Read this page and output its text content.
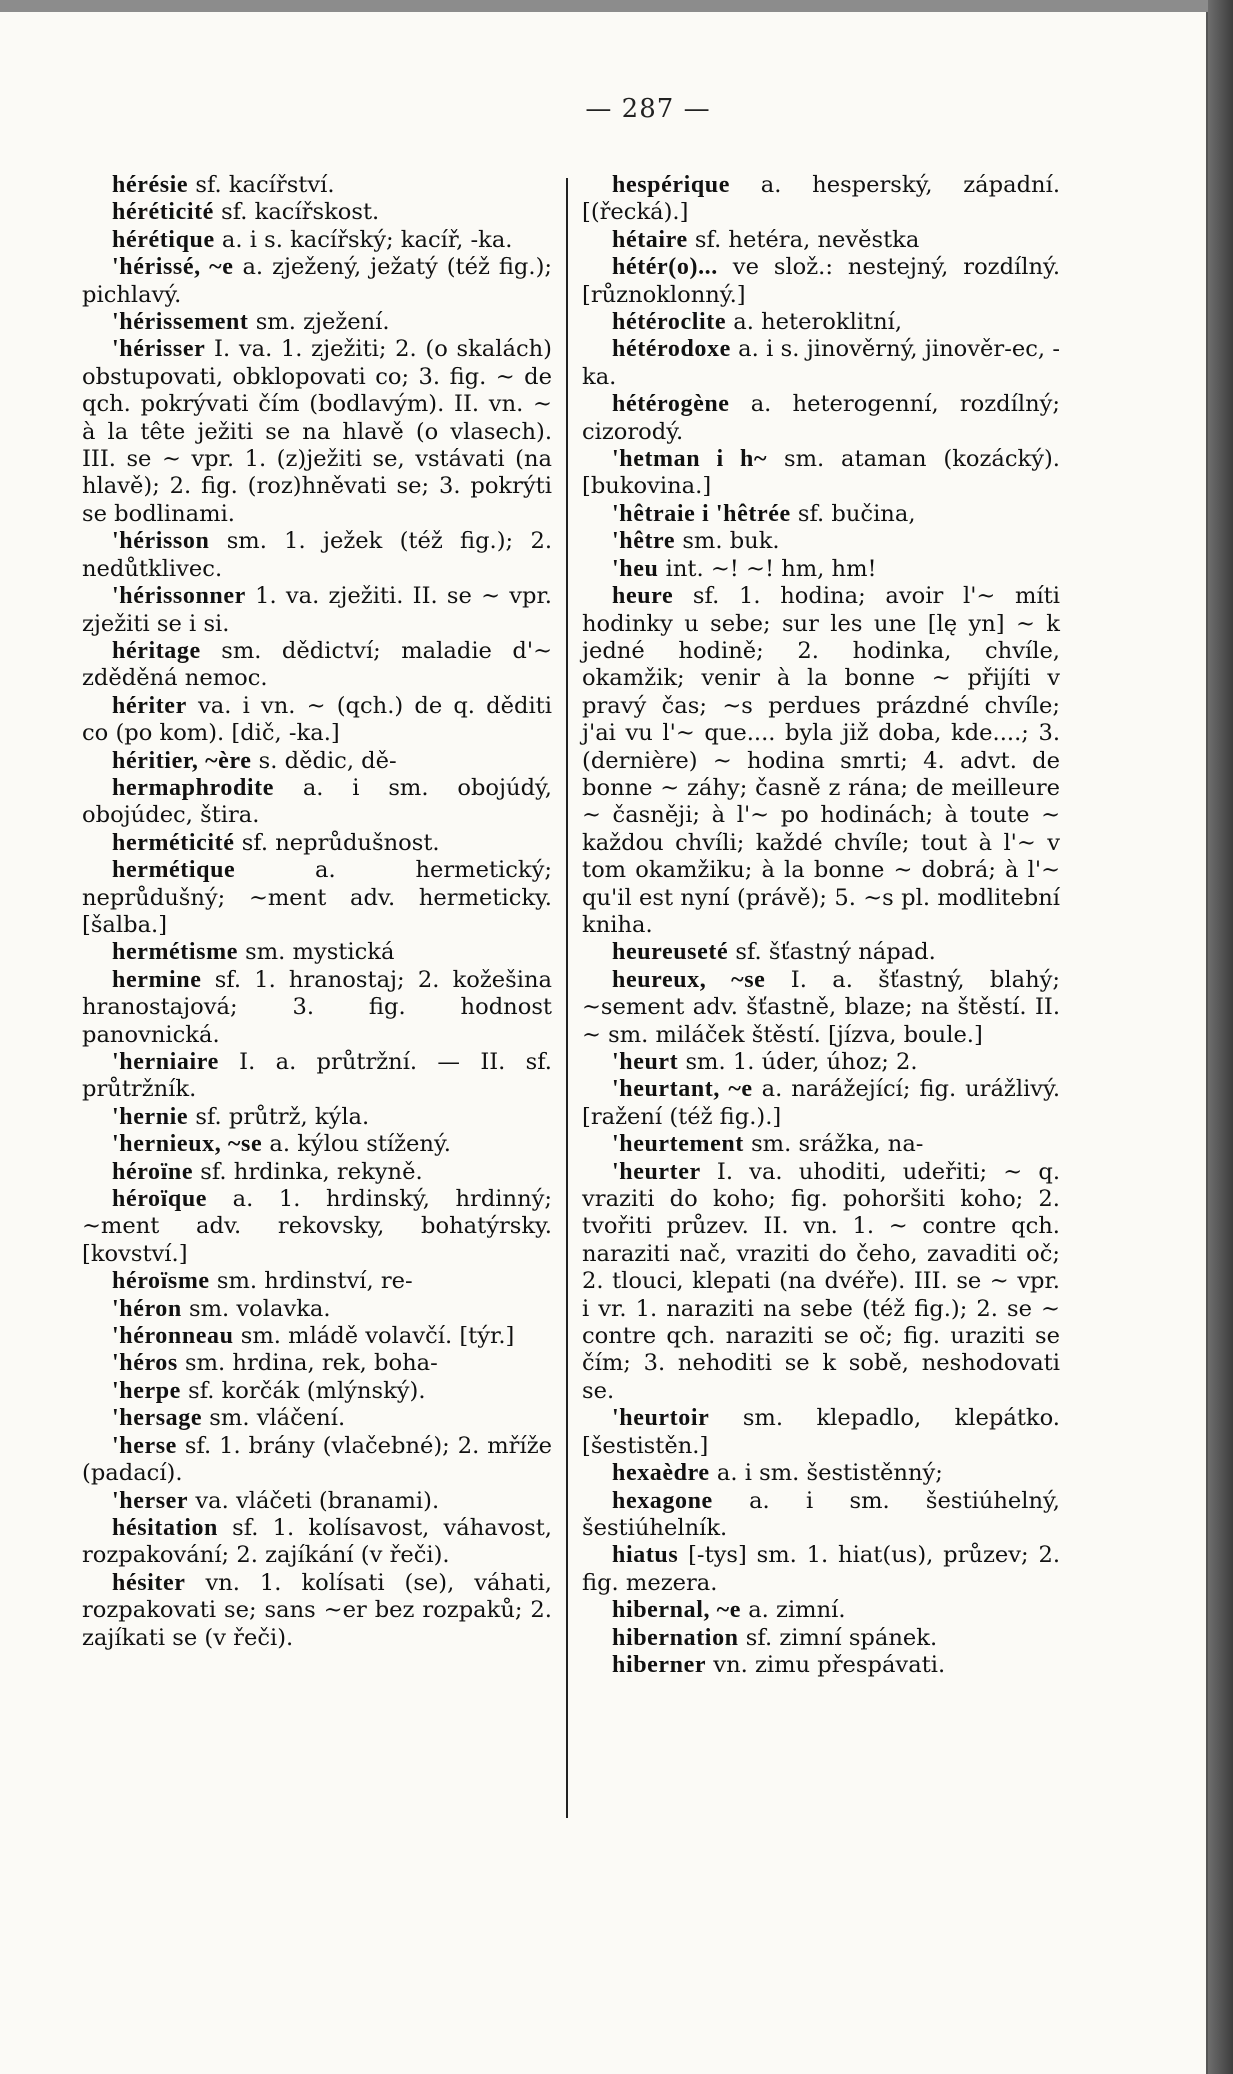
— 287 —

hérésie sf. kacířství.

héréticité sf. kacířskost.

hérétique a. i s. kacířský; kacíř, -ka.

'hérissé, ~e a. zježený, ježatý (též fig.); pichlavý.

'hérissement sm. zježení.

'hérisser I. va. 1. zježiti; 2. (o skalách) obstupovati, obklopovati co; 3. fig. ~ de qch. pokrývati čím (bodlavým). II. vn. ~ à la tête ježiti se na hlavě (o vlasech). III. se ~ vpr. 1. (z)ježiti se, vstávati (na hlavě); 2. fig. (roz)hněvati se; 3. pokrýti se bodlinami.

'hérisson sm. 1. ježek (též fig.); 2. nedůtklivec.

'hérissonner 1. va. zježiti. II. se ~ vpr. zježiti se i si.

héritage sm. dědictví; maladie d'~ zděděná nemoc.

hériter va. i vn. ~ (qch.) de q. děditi co (po kom). [dič, -ka.]

héritier, ~ère s. dědic, dě-

hermaphrodite a. i sm. obojúdý, obojúdec, štira.

herméticité sf. neprůdušnost.

hermétique a. hermetický; neprůdušný; ~ment adv. hermeticky. [šalba.]

hermétisme sm. mystická

hermine sf. 1. hranostaj; 2. kožešina hranostajová; 3. fig. hodnost panovnická.

'herniaire I. a. průtržní. — II. sf. průtržník.

'hernie sf. průtrž, kýla.

'hernieux, ~se a. kýlou stížený.

héroïne sf. hrdinka, rekyně.

héroïque a. 1. hrdinský, hrdinný; ~ment adv. rekovsky, bohatýrsky. [kovství.]

héroïsme sm. hrdinství, re-

'héron sm. volavka.

'héronneau sm. mládě volavčí. [týr.]

'héros sm. hrdina, rek, boha-

'herpe sf. korčák (mlýnský).

'hersage sm. vláčení.

'herse sf. 1. brány (vlačebné); 2. mříže (padací).

'herser va. vláčeti (branami).

hésitation sf. 1. kolísavost, váhavost, rozpakování; 2. zajíkání (v řeči).

hésiter vn. 1. kolísati (se), váhati, rozpakovati se; sans ~er bez rozpaků; 2. zajíkati se (v řeči).

hespérique a. hesperský, západní. [(řecká).]

hétaire sf. hetéra, nevěstka

hétér(o)... ve slož.: nestejný, rozdílný. [různoklonný.]

hétéroclite a. heteroklitní,

hétérodoxe a. i s. jinověrný, jinověr-ec, -ka.

hétérogène a. heterogenní, rozdílný; cizorodý.

'hetman i h~ sm. ataman (kozácký). [bukovina.]

'hêtraie i 'hêtrée sf. bučina,

'hêtre sm. buk.

'heu int. ~! ~! hm, hm!

heure sf. 1. hodina; avoir l'~ míti hodinky u sebe; sur les une [lę yn] ~ k jedné hodině; 2. hodinka, chvíle, okamžik; venir à la bonne ~ přijíti v pravý čas; ~s perdues prázdné chvíle; j'ai vu l'~ que.... byla již doba, kde....; 3. (dernière) ~ hodina smrti; 4. advt. de bonne ~ záhy; časně z rána; de meilleure ~ časněji; à l'~ po hodinách; à toute ~ každou chvíli; každé chvíle; tout à l'~ v tom okamžiku; à la bonne ~ dobrá; à l'~ qu'il est nyní (právě); 5. ~s pl. modlitební kniha.

heureuseté sf. šťastný nápad.

heureux, ~se I. a. šťastný, blahý; ~sement adv. šťastně, blaze; na štěstí. II. ~ sm. miláček štěstí. [jízva, boule.]

'heurt sm. 1. úder, úhoz; 2.

'heurtant, ~e a. narážející; fig. urážlivý. [ražení (též fig.).]

'heurtement sm. srážka, na-

'heurter I. va. uhoditi, udeřiti; ~ q. vraziti do koho; fig. pohoršiti koho; 2. tvořiti průzev. II. vn. 1. ~ contre qch. naraziti nač, vraziti do čeho, zavaditi oč; 2. tlouci, klepati (na dvéře). III. se ~ vpr. i vr. 1. naraziti na sebe (též fig.); 2. se ~ contre qch. naraziti se oč; fig. uraziti se čím; 3. nehoditi se k sobě, neshodovati se.

'heurtoir sm. klepadlo, klepátko. [šestistěn.]

hexaèdre a. i sm. šestistěnný;

hexagone a. i sm. šestiúhelný, šestiúhelník.

hiatus [-tys] sm. 1. hiat(us), průzev; 2. fig. mezera.

hibernal, ~e a. zimní.

hibernation sf. zimní spánek.

hiberner vn. zimu přespávati.
